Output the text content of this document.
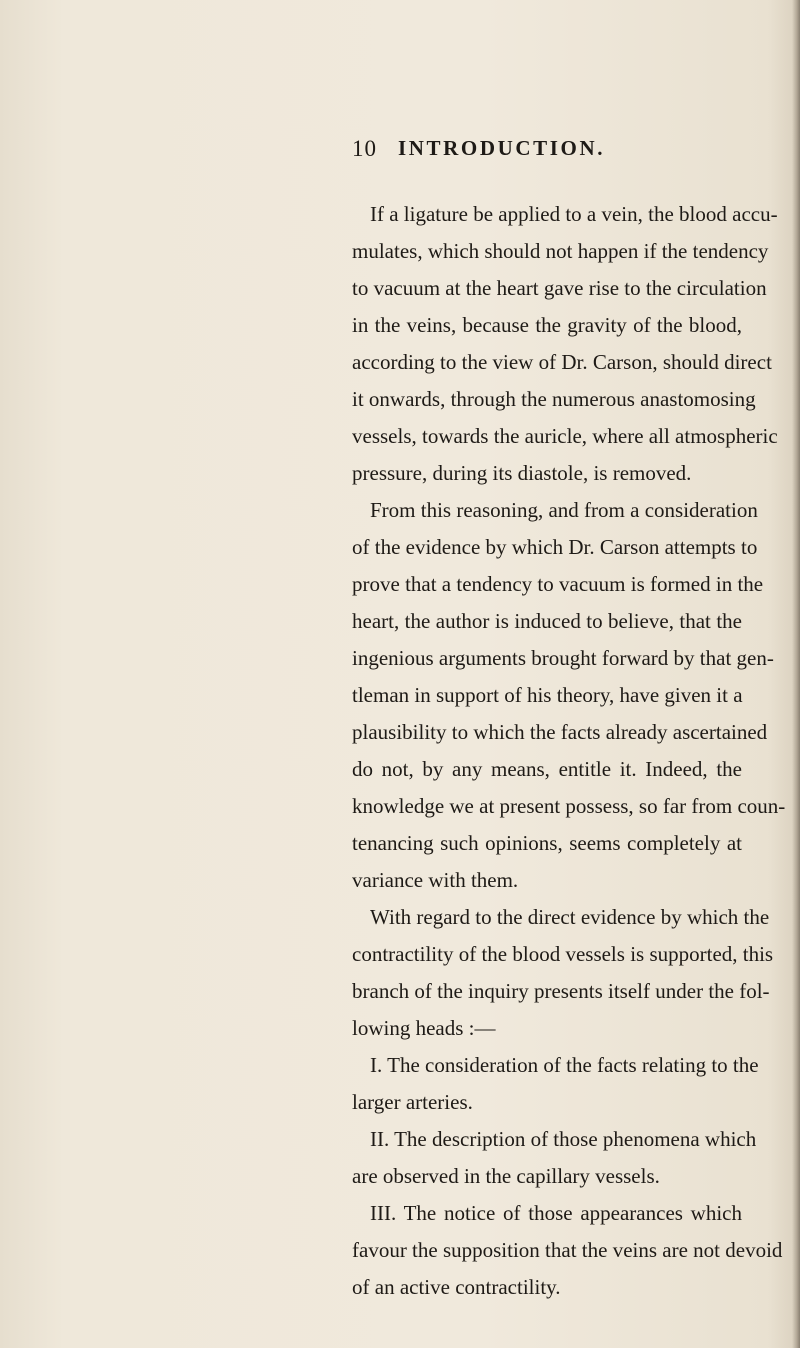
10 INTRODUCTION.
If a ligature be applied to a vein, the blood accu-
mulates, which should not happen if the tendency
to vacuum at the heart gave rise to the circulation
in the veins, because the gravity of the blood,
according to the view of Dr. Carson, should direct
it onwards, through the numerous anastomosing
vessels, towards the auricle, where all atmospheric
pressure, during its diastole, is removed.
From this reasoning, and from a consideration
of the evidence by which Dr. Carson attempts to
prove that a tendency to vacuum is formed in the
heart, the author is induced to believe, that the
ingenious arguments brought forward by that gen-
tleman in support of his theory, have given it a
plausibility to which the facts already ascertained
do not, by any means, entitle it. Indeed, the
knowledge we at present possess, so far from coun-
tenancing such opinions, seems completely at
variance with them.
With regard to the direct evidence by which the
contractility of the blood vessels is supported, this
branch of the inquiry presents itself under the fol-
lowing heads :—
I. The consideration of the facts relating to the
larger arteries.
II. The description of those phenomena which
are observed in the capillary vessels.
III. The notice of those appearances which
favour the supposition that the veins are not devoid
of an active contractility.
